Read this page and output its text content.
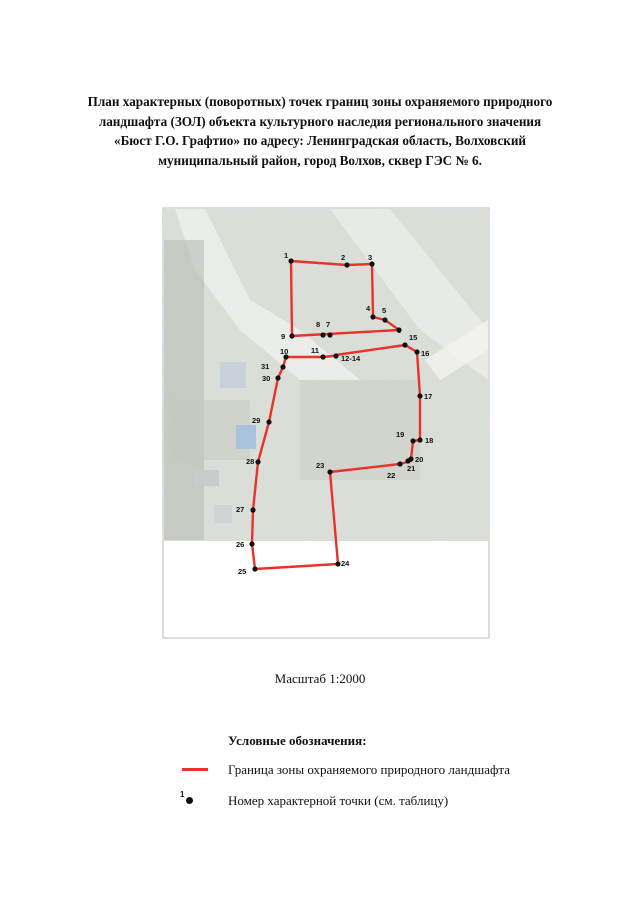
План характерных (поворотных) точек границ зоны охраняемого природного
ландшафта (ЗОЛ) объекта культурного наследия регионального значения
«Бюст Г.О. Графтио» по адресу: Ленинградская область, Волховский
муниципальный район, город Волхов, сквер ГЭС № 6.
1	2	3
4 5
6
7
8
9
10	11
12-14
15
16
17
18
19
20
21
22
23
24
25
26
27
28
29
30
31
Масштаб 1:2000
Условные обозначения:
Граница зоны охраняемого природного ландшафта
1	Номер характерной точки (см. таблицу)
